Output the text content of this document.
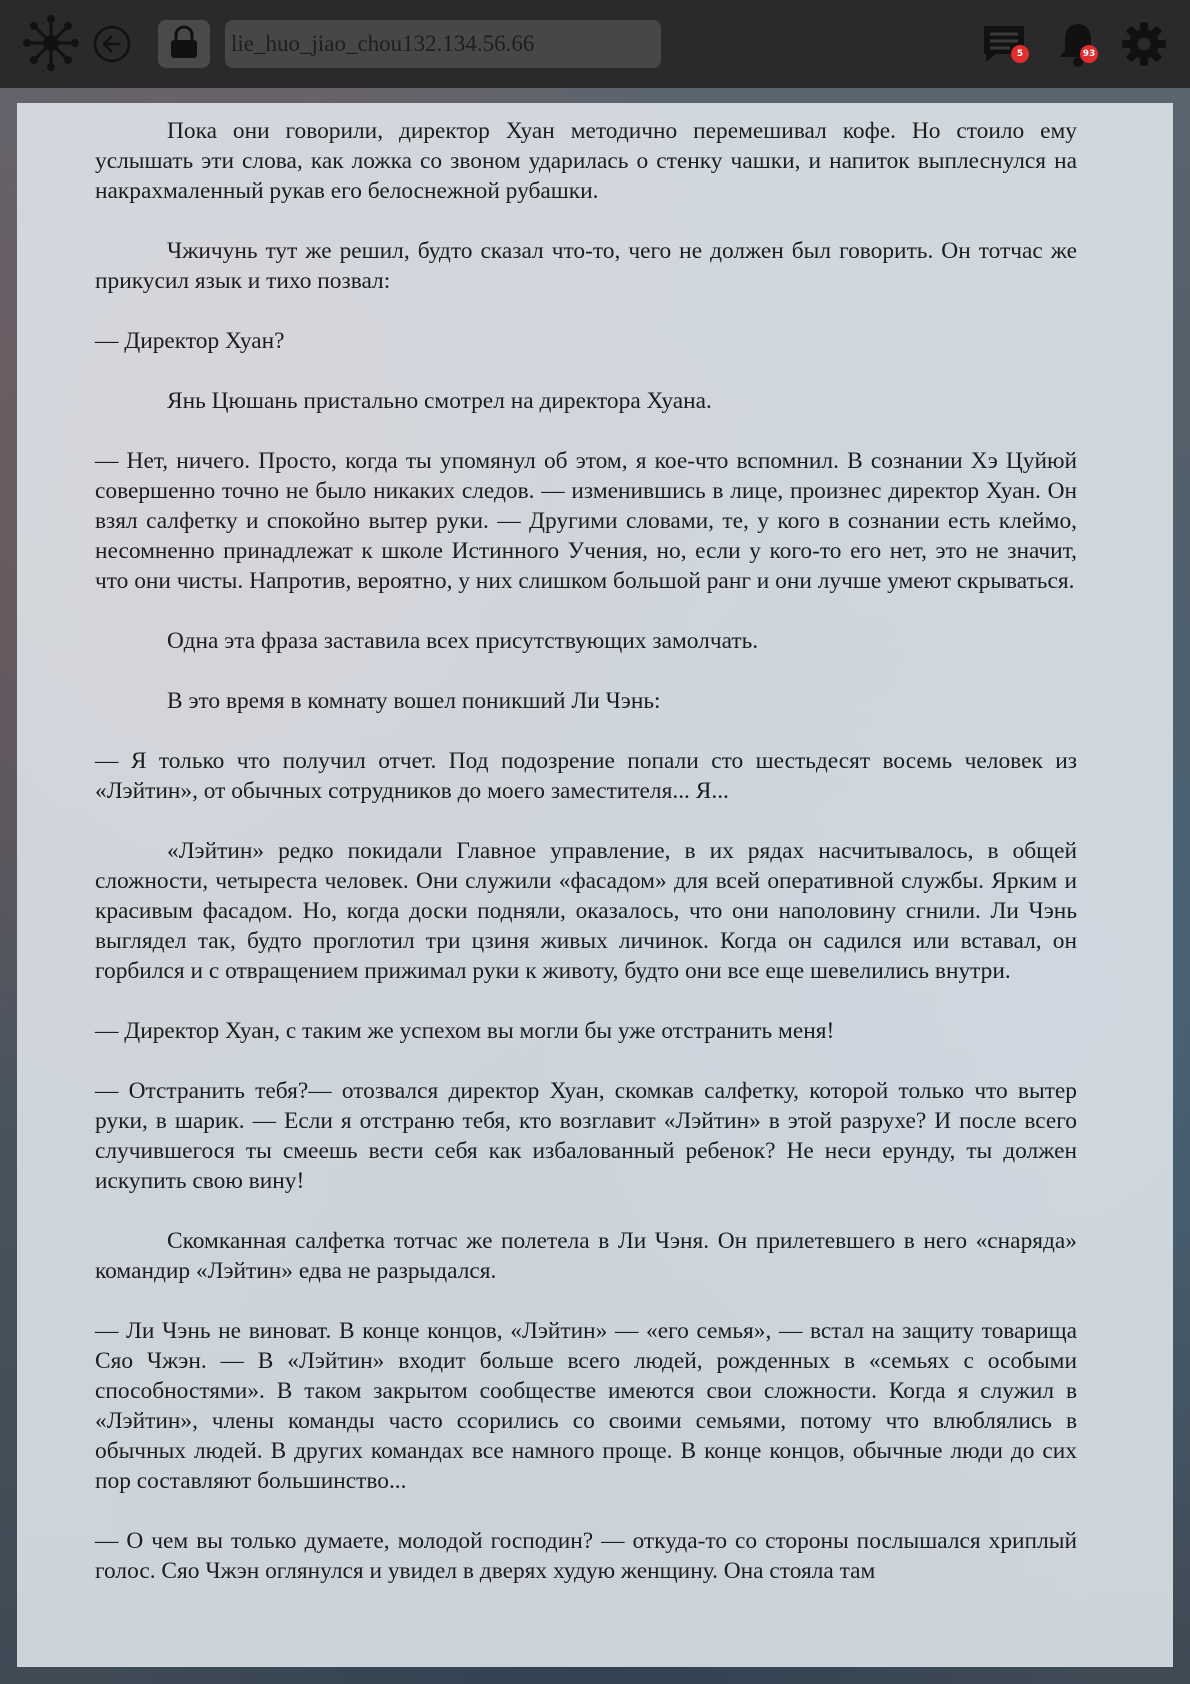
lie_huo_jiao_chou132.134.56.66
5	93

Пока они говорили, директор Хуан методично перемешивал кофе. Но стоило ему услышать эти слова, как ложка со звоном ударилась о стенку чашки, и напиток выплеснулся на накрахмаленный рукав его белоснежной рубашки.

Чжичунь тут же решил, будто сказал что-то, чего не должен был говорить. Он тотчас же прикусил язык и тихо позвал:

— Директор Хуан?

Янь Цюшань пристально смотрел на директора Хуана.

— Нет, ничего. Просто, когда ты упомянул об этом, я кое-что вспомнил. В сознании Хэ Цуйюй совершенно точно не было никаких следов. — изменившись в лице, произнес директор Хуан. Он взял салфетку и спокойно вытер руки. — Другими словами, те, у кого в сознании есть клеймо, несомненно принадлежат к школе Истинного Учения, но, если у кого-то его нет, это не значит, что они чисты. Напротив, вероятно, у них слишком большой ранг и они лучше умеют скрываться.

Одна эта фраза заставила всех присутствующих замолчать.

В это время в комнату вошел поникший Ли Чэнь:

— Я только что получил отчет. Под подозрение попали сто шестьдесят восемь человек из «Лэйтин», от обычных сотрудников до моего заместителя... Я...

«Лэйтин» редко покидали Главное управление, в их рядах насчитывалось, в общей сложности, четыреста человек. Они служили «фасадом» для всей оперативной службы. Ярким и красивым фасадом. Но, когда доски подняли, оказалось, что они наполовину сгнили. Ли Чэнь выглядел так, будто проглотил три цзиня живых личинок. Когда он садился или вставал, он горбился и с отвращением прижимал руки к животу, будто они все еще шевелились внутри.

— Директор Хуан, с таким же успехом вы могли бы уже отстранить меня!

— Отстранить тебя?— отозвался директор Хуан, скомкав салфетку, которой только что вытер руки, в шарик. — Если я отстраню тебя, кто возглавит «Лэйтин» в этой разрухе? И после всего случившегося ты смеешь вести себя как избалованный ребенок? Не неси ерунду, ты должен искупить свою вину!

Скомканная салфетка тотчас же полетела в Ли Чэня. Он прилетевшего в него «снаряда» командир «Лэйтин» едва не разрыдался.

— Ли Чэнь не виноват. В конце концов, «Лэйтин» — «его семья», — встал на защиту товарища Сяо Чжэн. — В «Лэйтин» входит больше всего людей, рожденных в «семьях с особыми способностями». В таком закрытом сообществе имеются свои сложности. Когда я служил в «Лэйтин», члены команды часто ссорились со своими семьями, потому что влюблялись в обычных людей. В других командах все намного проще. В конце концов, обычные люди до сих пор составляют большинство...

— О чем вы только думаете, молодой господин? — откуда-то со стороны послышался хриплый голос. Сяо Чжэн оглянулся и увидел в дверях худую женщину. Она стояла там
